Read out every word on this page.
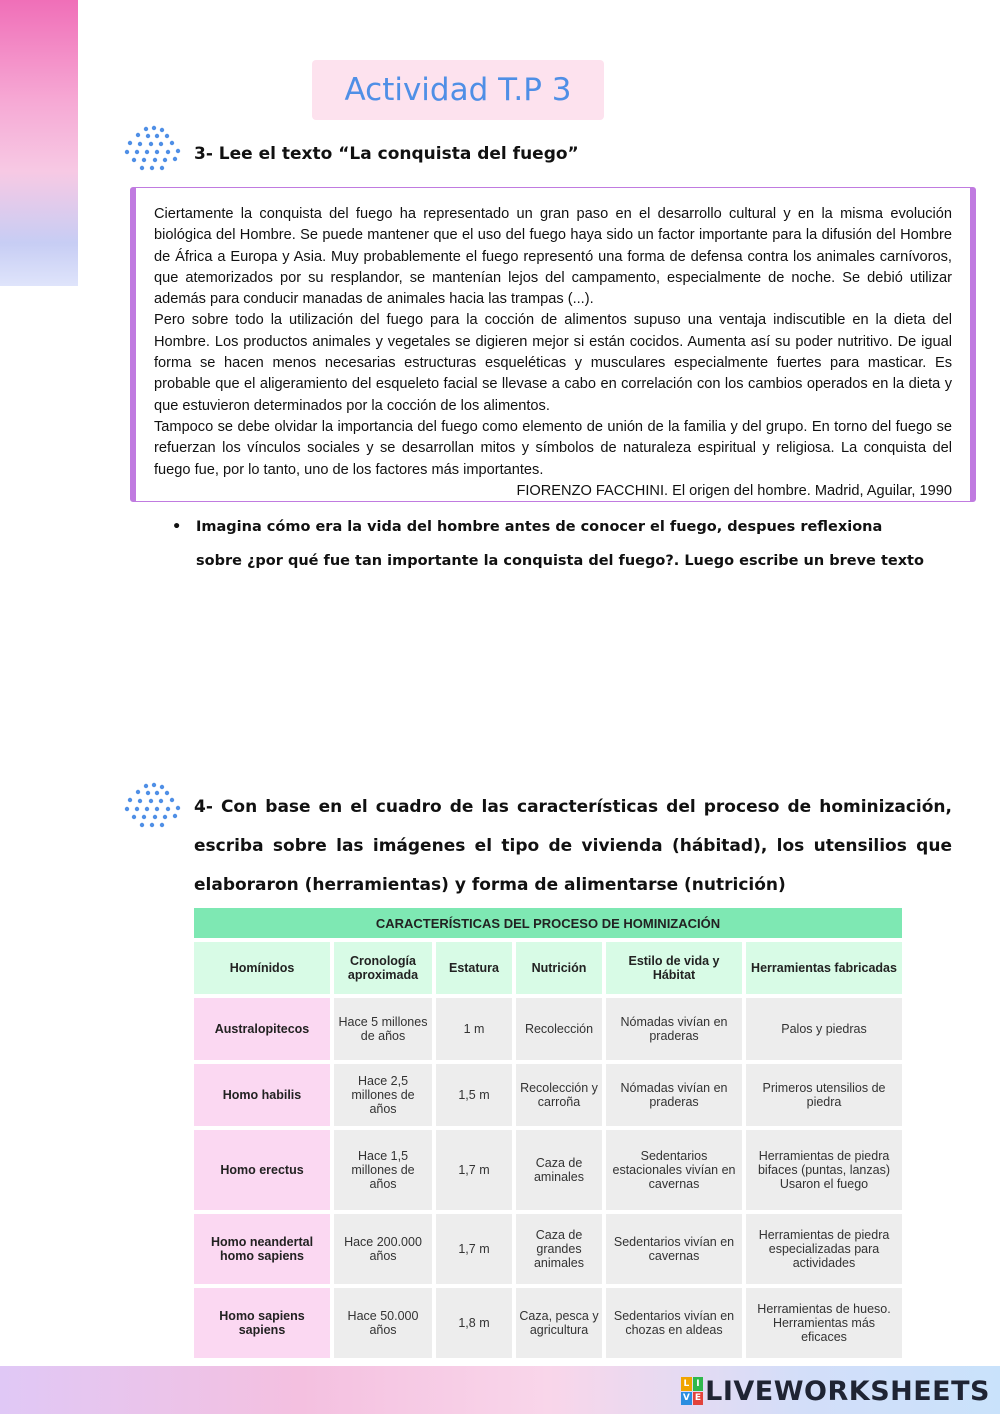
Actividad T.P 3
3- Lee el texto “La conquista del fuego”

Ciertamente la conquista del fuego ha representado un gran paso en el desarrollo cultural y en la misma evolución biológica del Hombre. Se puede mantener que el uso del fuego haya sido un factor importante para la difusión del Hombre de África a Europa y Asia. Muy probablemente el fuego representó una forma de defensa contra los animales carnívoros, que atemorizados por su resplandor, se mantenían lejos del campamento, especialmente de noche. Se debió utilizar además para conducir manadas de animales hacia las trampas (...).

Pero sobre todo la utilización del fuego para la cocción de alimentos supuso una ventaja indiscutible en la dieta del Hombre. Los productos animales y vegetales se digieren mejor si están cocidos. Aumenta así su poder nutritivo. De igual forma se hacen menos necesarias estructuras esqueléticas y musculares especialmente fuertes para masticar. Es probable que el aligeramiento del esqueleto facial se llevase a cabo en correlación con los cambios operados en la dieta y que estuvieron determinados por la cocción de los alimentos.

Tampoco se debe olvidar la importancia del fuego como elemento de unión de la familia y del grupo. En torno del fuego se refuerzan los vínculos sociales y se desarrollan mitos y símbolos de naturaleza espiritual y religiosa. La conquista del fuego fue, por lo tanto, uno de los factores más importantes.

FIORENZO FACCHINI. El origen del hombre. Madrid, Aguilar, 1990

• Imagina cómo era la vida del hombre antes de conocer el fuego, despues reflexiona sobre ¿por qué fue tan importante la conquista del fuego?. Luego escribe un breve texto
4- Con base en el cuadro de las características del proceso de hominización, escriba sobre las imágenes el tipo de vivienda (hábitad), los utensilios que elaboraron (herramientas) y forma de alimentarse (nutrición)
CARACTERÍSTICAS DEL PROCESO DE HOMINIZACIÓN					
Homínidos	Cronología aproximada	Estatura	Nutrición	Estilo de vida y Hábitat	Herramientas fabricadas
Australopitecos	Hace 5 millones de años	1 m	Recolección	Nómadas vivían en praderas	Palos y piedras
Homo habilis	Hace 2,5 millones de años	1,5 m	Recolección y carroña	Nómadas vivían en praderas	Primeros utensilios de piedra
Homo erectus	Hace 1,5 millones de años	1,7 m	Caza de aminales	Sedentarios estacionales vivían en cavernas	Herramientas de piedra bifaces (puntas, lanzas) Usaron el fuego
Homo neandertal homo sapiens	Hace 200.000 años	1,7 m	Caza de grandes animales	Sedentarios vivían en cavernas	Herramientas de piedra especializadas para actividades
Homo sapiens sapiens	Hace 50.000 años	1,8 m	Caza, pesca y agricultura	Sedentarios vivían en chozas en aldeas	Herramientas de hueso. Herramientas más eficaces
L I
V E LIVEWORKSHEETS
